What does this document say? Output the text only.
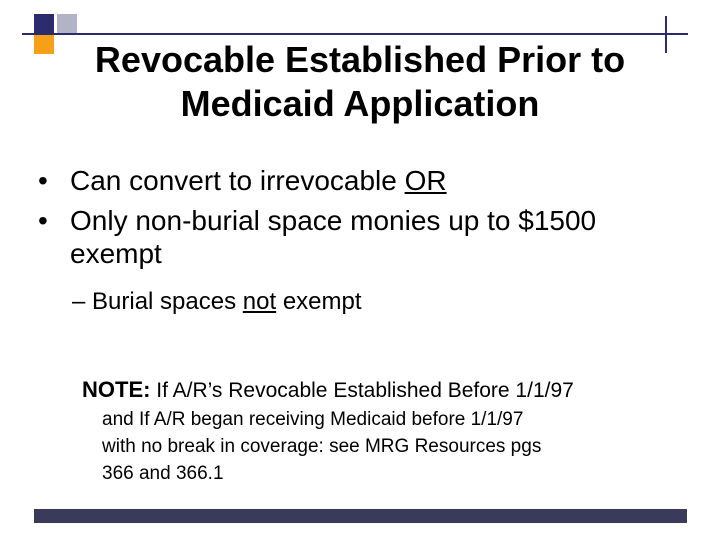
Revocable Established Prior to
Medicaid Application
• Can convert to irrevocable OR
• Only non-burial space monies up to $1500
exempt
– Burial spaces not exempt
NOTE: If A/R’s Revocable Established Before 1/1/97
and If A/R began receiving Medicaid before 1/1/97
with no break in coverage: see MRG Resources pgs
366 and 366.1
